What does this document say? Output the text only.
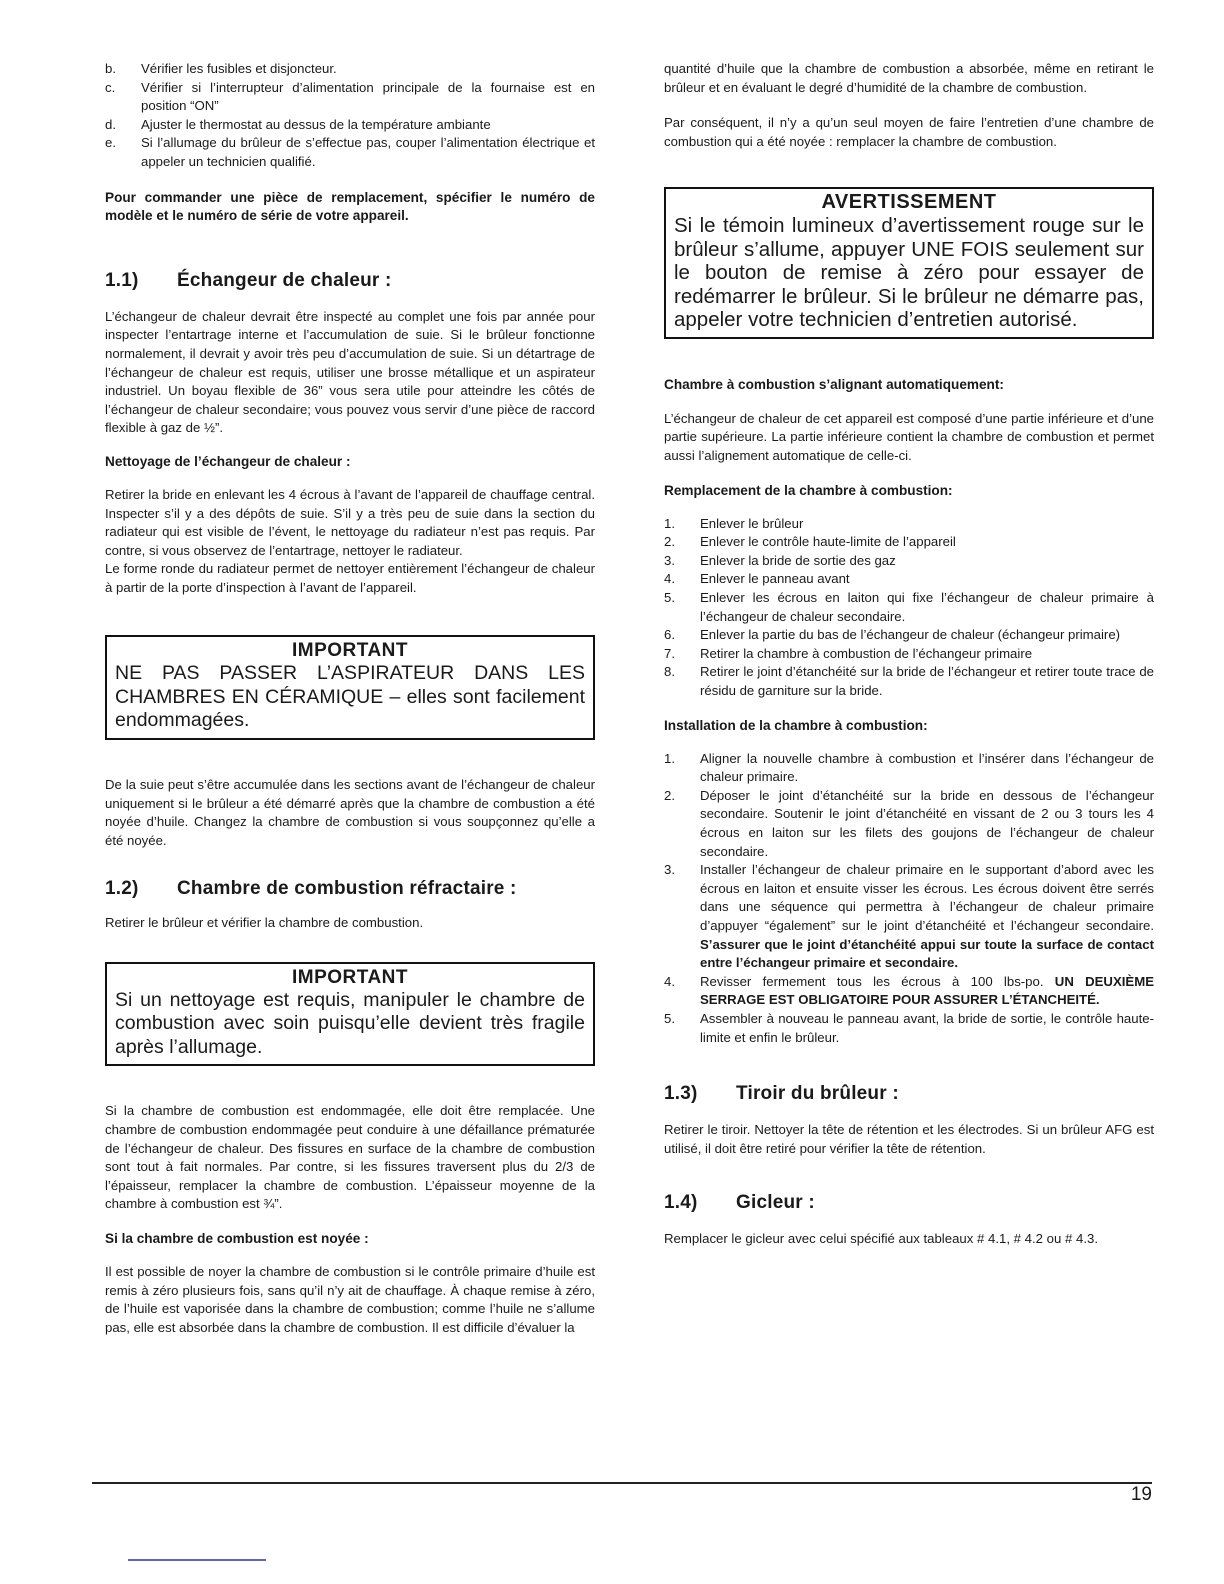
b.	Vérifier les fusibles et disjoncteur.
c.	Vérifier si l’interrupteur d’alimentation principale de la fournaise est en position “ON”
d.	Ajuster le thermostat au dessus de la température ambiante
e.	Si l’allumage du brûleur de s’effectue pas, couper l’alimentation électrique et appeler un technicien qualifié.

Pour commander une pièce de remplacement, spécifier le numéro de modèle et le numéro de série de votre appareil.

1.1)	Échangeur de chaleur :

L’échangeur de chaleur devrait être inspecté au complet une fois par année pour inspecter l’entartrage interne et l’accumulation de suie. Si le brûleur fonctionne normalement, il devrait y avoir très peu d’accumulation de suie. Si un détartrage de l’échangeur de chaleur est requis, utiliser une brosse métallique et un aspirateur industriel. Un boyau flexible de 36” vous sera utile pour atteindre les côtés de l’échangeur de chaleur secondaire; vous pouvez vous servir d’une pièce de raccord flexible à gaz de ½”.

Nettoyage de l’échangeur de chaleur :

Retirer la bride en enlevant les 4 écrous à l’avant de l’appareil de chauffage central. Inspecter s’il y a des dépôts de suie. S’il y a très peu de suie dans la section du radiateur qui est visible de l’évent, le nettoyage du radiateur n’est pas requis. Par contre, si vous observez de l’entartrage, nettoyer le radiateur.

Le forme ronde du radiateur permet de nettoyer entièrement l’échangeur de chaleur à partir de la porte d’inspection à l’avant de l’appareil.

IMPORTANT
NE PAS PASSER L’ASPIRATEUR DANS LES CHAMBRES EN CÉRAMIQUE – elles sont facilement endommagées.

De la suie peut s’être accumulée dans les sections avant de l’échangeur de chaleur uniquement si le brûleur a été démarré après que la chambre de combustion a été noyée d’huile. Changez la chambre de combustion si vous soupçonnez qu’elle a été noyée.

1.2)	Chambre de combustion réfractaire :

Retirer le brûleur et vérifier la chambre de combustion.

IMPORTANT
Si un nettoyage est requis, manipuler le chambre de combustion avec soin puisqu’elle devient très fragile après l’allumage.

Si la chambre de combustion est endommagée, elle doit être remplacée. Une chambre de combustion endommagée peut conduire à une défaillance prématurée de l’échangeur de chaleur. Des fissures en surface de la chambre de combustion sont tout à fait normales. Par contre, si les fissures traversent plus du 2/3 de l’épaisseur, remplacer la chambre de combustion. L’épaisseur moyenne de la chambre à combustion est ¾”.

Si la chambre de combustion est noyée :

Il est possible de noyer la chambre de combustion si le contrôle primaire d’huile est remis à zéro plusieurs fois, sans qu’il n’y ait de chauffage. À chaque remise à zéro, de l’huile est vaporisée dans la chambre de combustion; comme l’huile ne s’allume pas, elle est absorbée dans la chambre de combustion. Il est difficile d’évaluer la

quantité d’huile que la chambre de combustion a absorbée, même en retirant le brûleur et en évaluant le degré d’humidité de la chambre de combustion.

Par conséquent, il n’y a qu’un seul moyen de faire l’entretien d’une chambre de combustion qui a été noyée : remplacer la chambre de combustion.

AVERTISSEMENT
Si le témoin lumineux d’avertissement rouge sur le brûleur s’allume, appuyer UNE FOIS seulement sur le bouton de remise à zéro pour essayer de redémarrer le brûleur. Si le brûleur ne démarre pas, appeler votre technicien d’entretien autorisé.
Chambre à combustion s’alignant automatiquement:

L’échangeur de chaleur de cet appareil est composé d’une partie inférieure et d’une partie supérieure. La partie inférieure contient la chambre de combustion et permet aussi l’alignement automatique de celle-ci.

Remplacement de la chambre à combustion:
1.	Enlever le brûleur
2.	Enlever le contrôle haute-limite de l’appareil
3.	Enlever la bride de sortie des gaz
4.	Enlever le panneau avant
5.	Enlever les écrous en laiton qui fixe l’échangeur de chaleur primaire à l’échangeur de chaleur secondaire.
6.	Enlever la partie du bas de l’échangeur de chaleur (échangeur primaire)
7.	Retirer la chambre à combustion de l’échangeur primaire
8.	Retirer le joint d’étanchéité sur la bride de l’échangeur et retirer toute trace de résidu de garniture sur la bride.
Installation de la chambre à combustion:
1.	Aligner la nouvelle chambre à combustion et l’insérer dans l’échangeur de chaleur primaire.
2.	Déposer le joint d’étanchéité sur la bride en dessous de l’échangeur secondaire. Soutenir le joint d’étanchéité en vissant de 2 ou 3 tours les 4 écrous en laiton sur les filets des goujons de l’échangeur de chaleur secondaire.
3.	Installer l’échangeur de chaleur primaire en le supportant d’abord avec les écrous en laiton et ensuite visser les écrous. Les écrous doivent être serrés dans une séquence qui permettra à l’échangeur de chaleur primaire d’appuyer “également” sur le joint d’étanchéité et l’échangeur secondaire. S’assurer que le joint d’étanchéité appui sur toute la surface de contact entre l’échangeur primaire et secondaire.
4.	Revisser fermement tous les écrous à 100 lbs-po. UN DEUXIÈME SERRAGE EST OBLIGATOIRE POUR ASSURER L’ÉTANCHEITÉ.
5.	Assembler à nouveau le panneau avant, la bride de sortie, le contrôle haute-limite et enfin le brûleur.
1.3)	Tiroir du brûleur :

Retirer le tiroir. Nettoyer la tête de rétention et les électrodes. Si un brûleur AFG est utilisé, il doit être retiré pour vérifier la tête de rétention.

1.4)	Gicleur :

Remplacer le gicleur avec celui spécifié aux tableaux # 4.1, # 4.2 ou # 4.3.

19
